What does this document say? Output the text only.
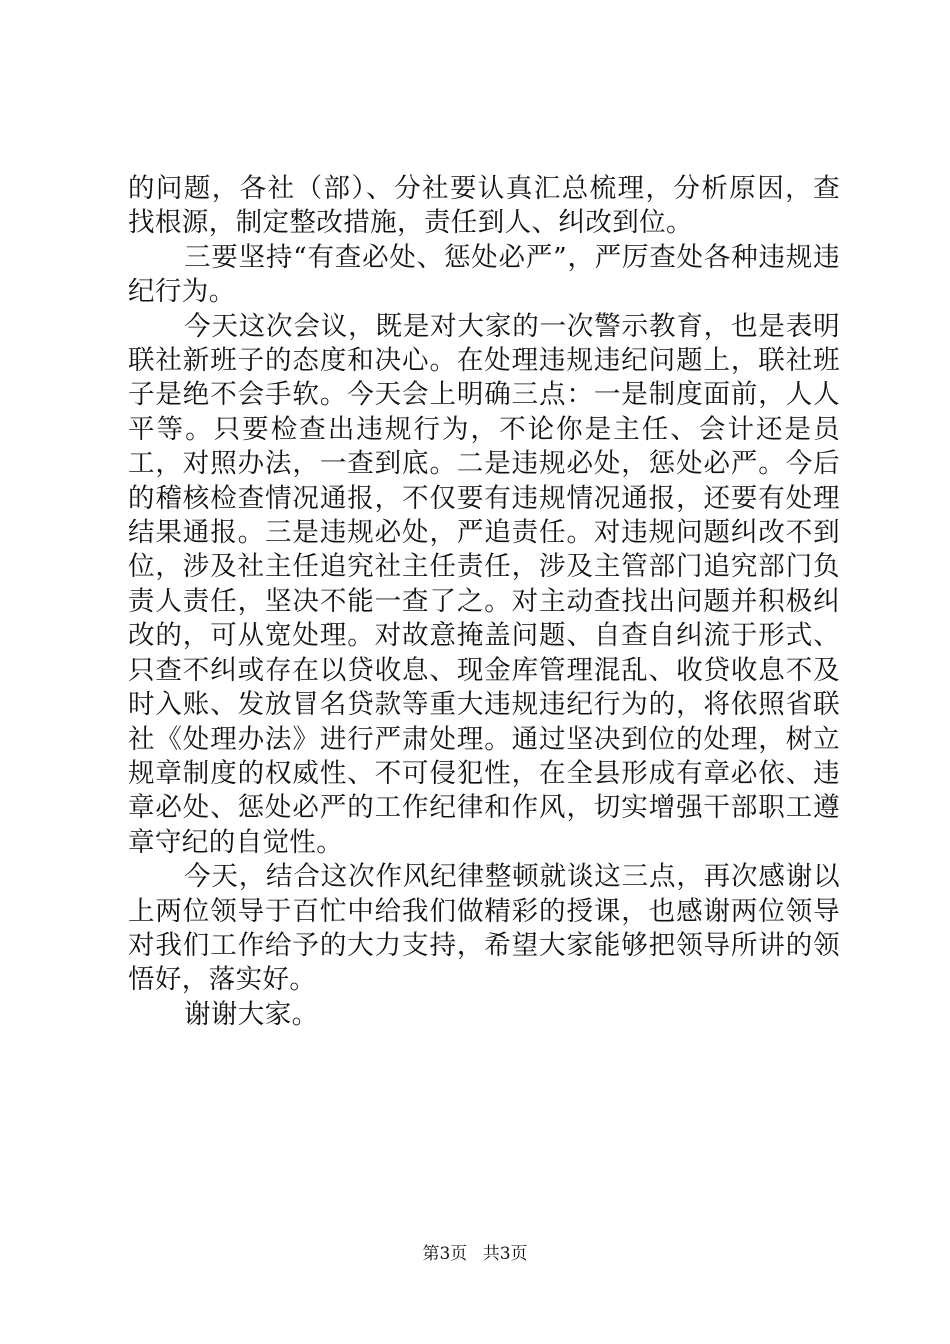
的问题，各社（部）、分社要认真汇总梳理，分析原因，查找根源，制定整改措施，责任到人、纠改到位。

三要坚持“有查必处、惩处必严”，严厉查处各种违规违纪行为。

今天这次会议，既是对大家的一次警示教育，也是表明联社新班子的态度和决心。在处理违规违纪问题上，联社班子是绝不会手软。今天会上明确三点：一是制度面前，人人平等。只要检查出违规行为，不论你是主任、会计还是员工，对照办法，一查到底。二是违规必处，惩处必严。今后的稽核检查情况通报，不仅要有违规情况通报，还要有处理结果通报。三是违规必处，严追责任。对违规问题纠改不到位，涉及社主任追究社主任责任，涉及主管部门追究部门负责人责任，坚决不能一查了之。对主动查找出问题并积极纠改的，可从宽处理。对故意掩盖问题、自查自纠流于形式、只查不纠或存在以贷收息、现金库管理混乱、收贷收息不及时入账、发放冒名贷款等重大违规违纪行为的，将依照省联社《处理办法》进行严肃处理。通过坚决到位的处理，树立规章制度的权威性、不可侵犯性，在全县形成有章必依、违章必处、惩处必严的工作纪律和作风，切实增强干部职工遵章守纪的自觉性。

今天，结合这次作风纪律整顿就谈这三点，再次感谢以上两位领导于百忙中给我们做精彩的授课，也感谢两位领导对我们工作给予的大力支持，希望大家能够把领导所讲的领悟好，落实好。

谢谢大家。

第3页 共3页
